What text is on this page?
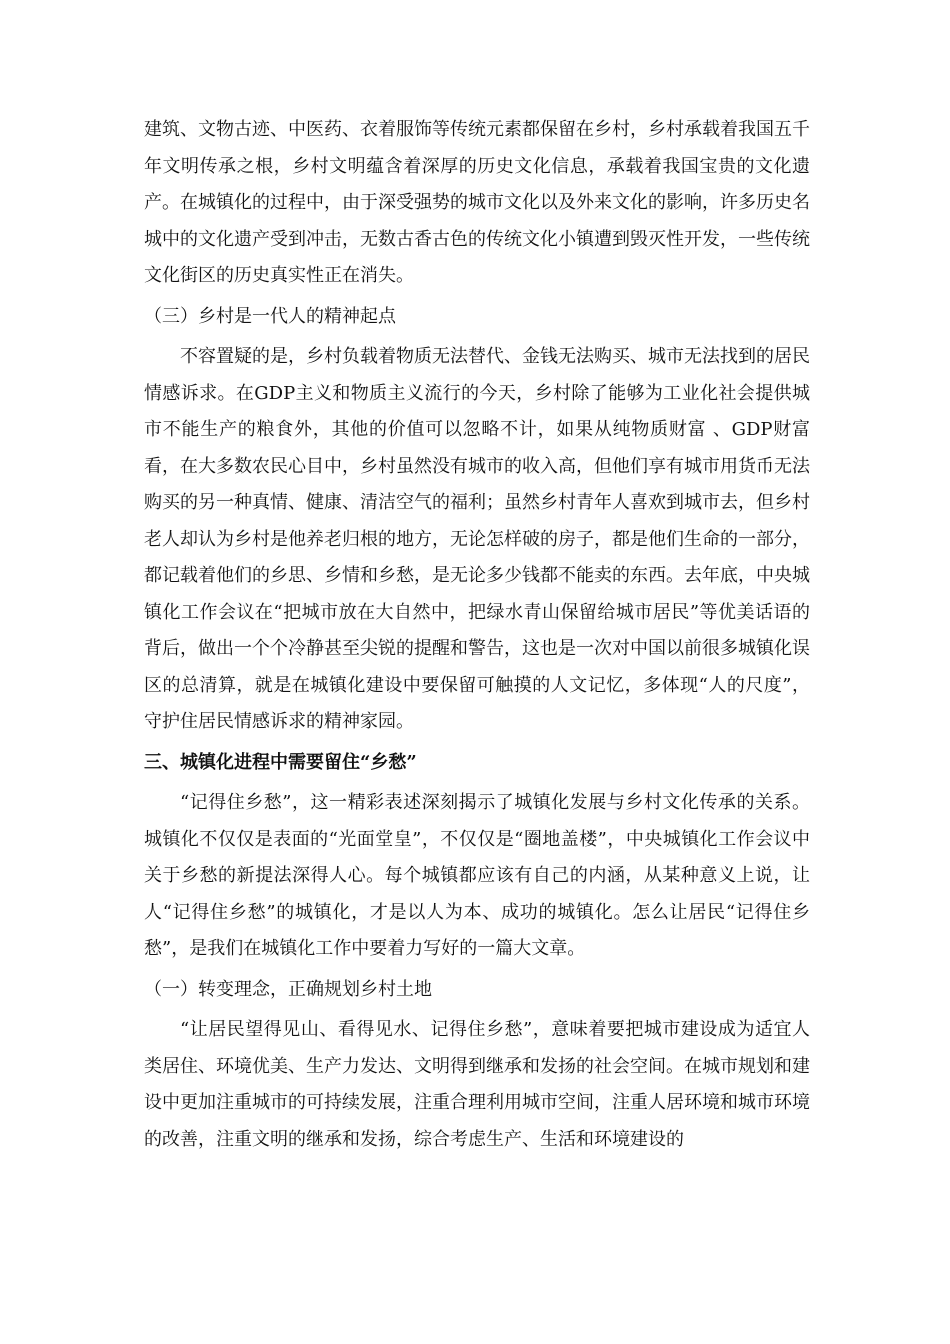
建筑、文物古迹、中医药、衣着服饰等传统元素都保留在乡村，乡村承载着我国五千年文明传承之根，乡村文明蕴含着深厚的历史文化信息，承载着我国宝贵的文化遗产。在城镇化的过程中，由于深受强势的城市文化以及外来文化的影响，许多历史名城中的文化遗产受到冲击，无数古香古色的传统文化小镇遭到毁灭性开发，一些传统文化街区的历史真实性正在消失。

（三）乡村是一代人的精神起点

不容置疑的是，乡村负载着物质无法替代、金钱无法购买、城市无法找到的居民情感诉求。在GDP主义和物质主义流行的今天，乡村除了能够为工业化社会提供城市不能生产的粮食外，其他的价值可以忽略不计，如果从纯物质财富 、GDP财富看，在大多数农民心目中，乡村虽然没有城市的收入高，但他们享有城市用货币无法购买的另一种真情、健康、清洁空气的福利；虽然乡村青年人喜欢到城市去，但乡村老人却认为乡村是他养老归根的地方，无论怎样破的房子，都是他们生命的一部分，都记载着他们的乡思、乡情和乡愁，是无论多少钱都不能卖的东西。去年底，中央城镇化工作会议在“把城市放在大自然中，把绿水青山保留给城市居民”等优美话语的背后，做出一个个冷静甚至尖锐的提醒和警告，这也是一次对中国以前很多城镇化误区的总清算，就是在城镇化建设中要保留可触摸的人文记忆，多体现“人的尺度”，守护住居民情感诉求的精神家园。

三、城镇化进程中需要留住“乡愁”

“记得住乡愁”，这一精彩表述深刻揭示了城镇化发展与乡村文化传承的关系。城镇化不仅仅是表面的“光面堂皇”，不仅仅是“圈地盖楼”，中央城镇化工作会议中关于乡愁的新提法深得人心。每个城镇都应该有自己的内涵，从某种意义上说，让人“记得住乡愁”的城镇化，才是以人为本、成功的城镇化。怎么让居民“记得住乡愁”，是我们在城镇化工作中要着力写好的一篇大文章。

（一）转变理念，正确规划乡村土地

“让居民望得见山、看得见水、记得住乡愁”，意味着要把城市建设成为适宜人类居住、环境优美、生产力发达、文明得到继承和发扬的社会空间。在城市规划和建设中更加注重城市的可持续发展，注重合理利用城市空间，注重人居环境和城市环境的改善，注重文明的继承和发扬，综合考虑生产、生活和环境建设的
